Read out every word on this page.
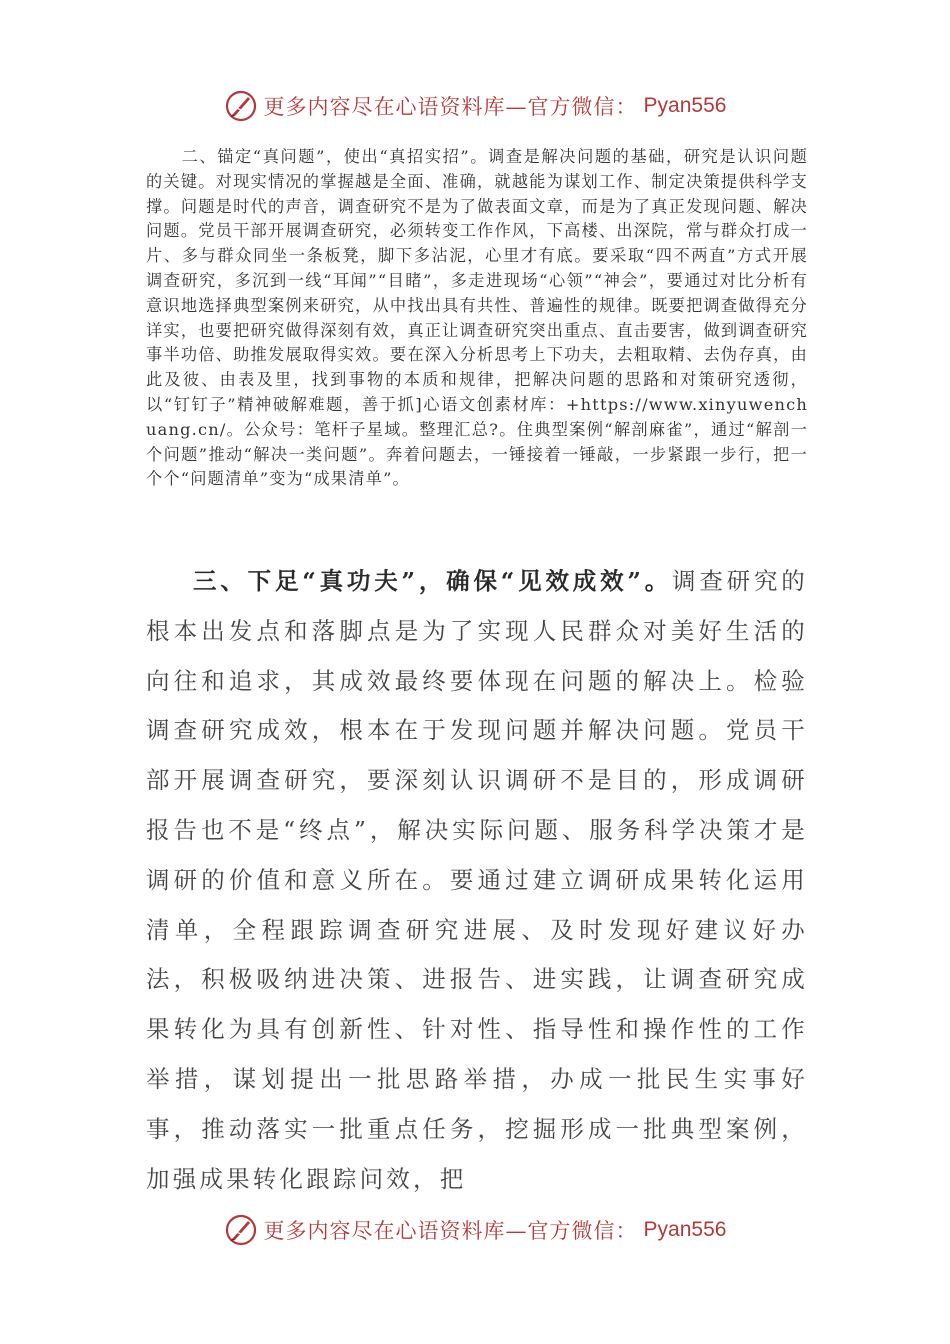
更多内容尽在心语资料库—官方微信： Pyan556

二、锚定“真问题”，使出“真招实招”。调查是解决问题的基础，研究是认识问题的关键。对现实情况的掌握越是全面、准确，就越能为谋划工作、制定决策提供科学支撑。问题是时代的声音，调查研究不是为了做表面文章，而是为了真正发现问题、解决问题。党员干部开展调查研究，必须转变工作作风，下高楼、出深院，常与群众打成一片、多与群众同坐一条板凳，脚下多沾泥，心里才有底。要采取“四不两直”方式开展调查研究，多沉到一线“耳闻”“目睹”，多走进现场“心领”“神会”，要通过对比分析有意识地选择典型案例来研究，从中找出具有共性、普遍性的规律。既要把调查做得充分详实，也要把研究做得深刻有效，真正让调查研究突出重点、直击要害，做到调查研究事半功倍、助推发展取得实效。要在深入分析思考上下功夫，去粗取精、去伪存真，由此及彼、由表及里，找到事物的本质和规律，把解决问题的思路和对策研究透彻，以“钉钉子”精神破解难题，善于抓]心语文创素材库：+https://www.xinyuwenchuang.cn/。公众号：笔杆子星域。整理汇总?。住典型案例“解剖麻雀”，通过“解剖一个问题”推动“解决一类问题”。奔着问题去，一锤接着一锤敲，一步紧跟一步行，把一个个“问题清单”变为“成果清单”。

三、下足“真功夫”，确保“见效成效”。调查研究的根本出发点和落脚点是为了实现人民群众对美好生活的向往和追求，其成效最终要体现在问题的解决上。检验调查研究成效，根本在于发现问题并解决问题。党员干部开展调查研究，要深刻认识调研不是目的，形成调研报告也不是“终点”，解决实际问题、服务科学决策才是调研的价值和意义所在。要通过建立调研成果转化运用清单，全程跟踪调查研究进展、及时发现好建议好办法，积极吸纳进决策、进报告、进实践，让调查研究成果转化为具有创新性、针对性、指导性和操作性的工作举措，谋划提出一批思路举措，办成一批民生实事好事，推动落实一批重点任务，挖掘形成一批典型案例，加强成果转化跟踪问效，把

更多内容尽在心语资料库—官方微信： Pyan556
